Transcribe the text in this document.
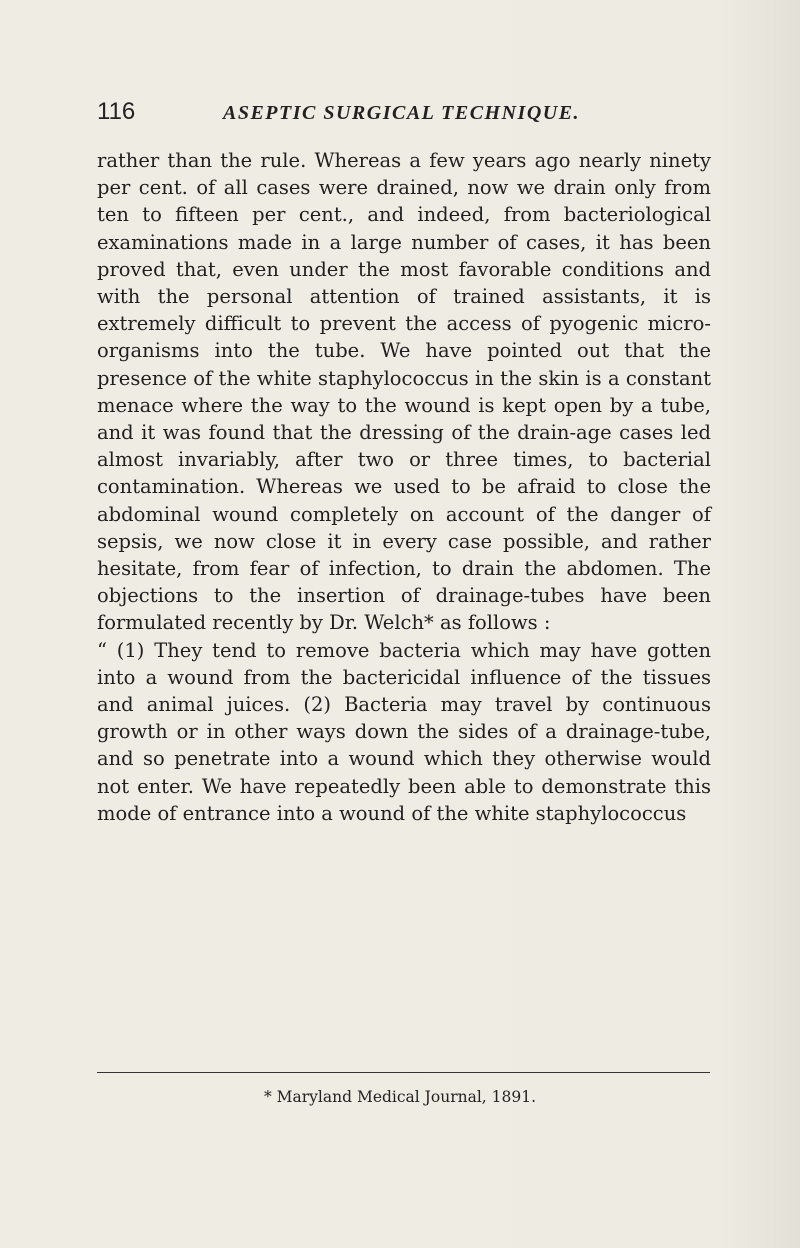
116	ASEPTIC SURGICAL TECHNIQUE.

rather than the rule. Whereas a few years ago nearly ninety per cent. of all cases were drained, now we drain only from ten to fifteen per cent., and indeed, from bacteriological examinations made in a large number of cases, it has been proved that, even under the most favorable conditions and with the personal attention of trained assistants, it is extremely difficult to prevent the access of pyogenic micro-organisms into the tube. We have pointed out that the presence of the white staphylococcus in the skin is a constant menace where the way to the wound is kept open by a tube, and it was found that the dressing of the drain-age cases led almost invariably, after two or three times, to bacterial contamination. Whereas we used to be afraid to close the abdominal wound completely on account of the danger of sepsis, we now close it in every case possible, and rather hesitate, from fear of infection, to drain the abdomen. The objections to the insertion of drainage-tubes have been formulated recently by Dr. Welch* as follows :

“ (1) They tend to remove bacteria which may have gotten into a wound from the bactericidal influence of the tissues and animal juices. (2) Bacteria may travel by continuous growth or in other ways down the sides of a drainage-tube, and so penetrate into a wound which they otherwise would not enter. We have repeatedly been able to demonstrate this mode of entrance into a wound of the white staphylococcus

* Maryland Medical Journal, 1891.
